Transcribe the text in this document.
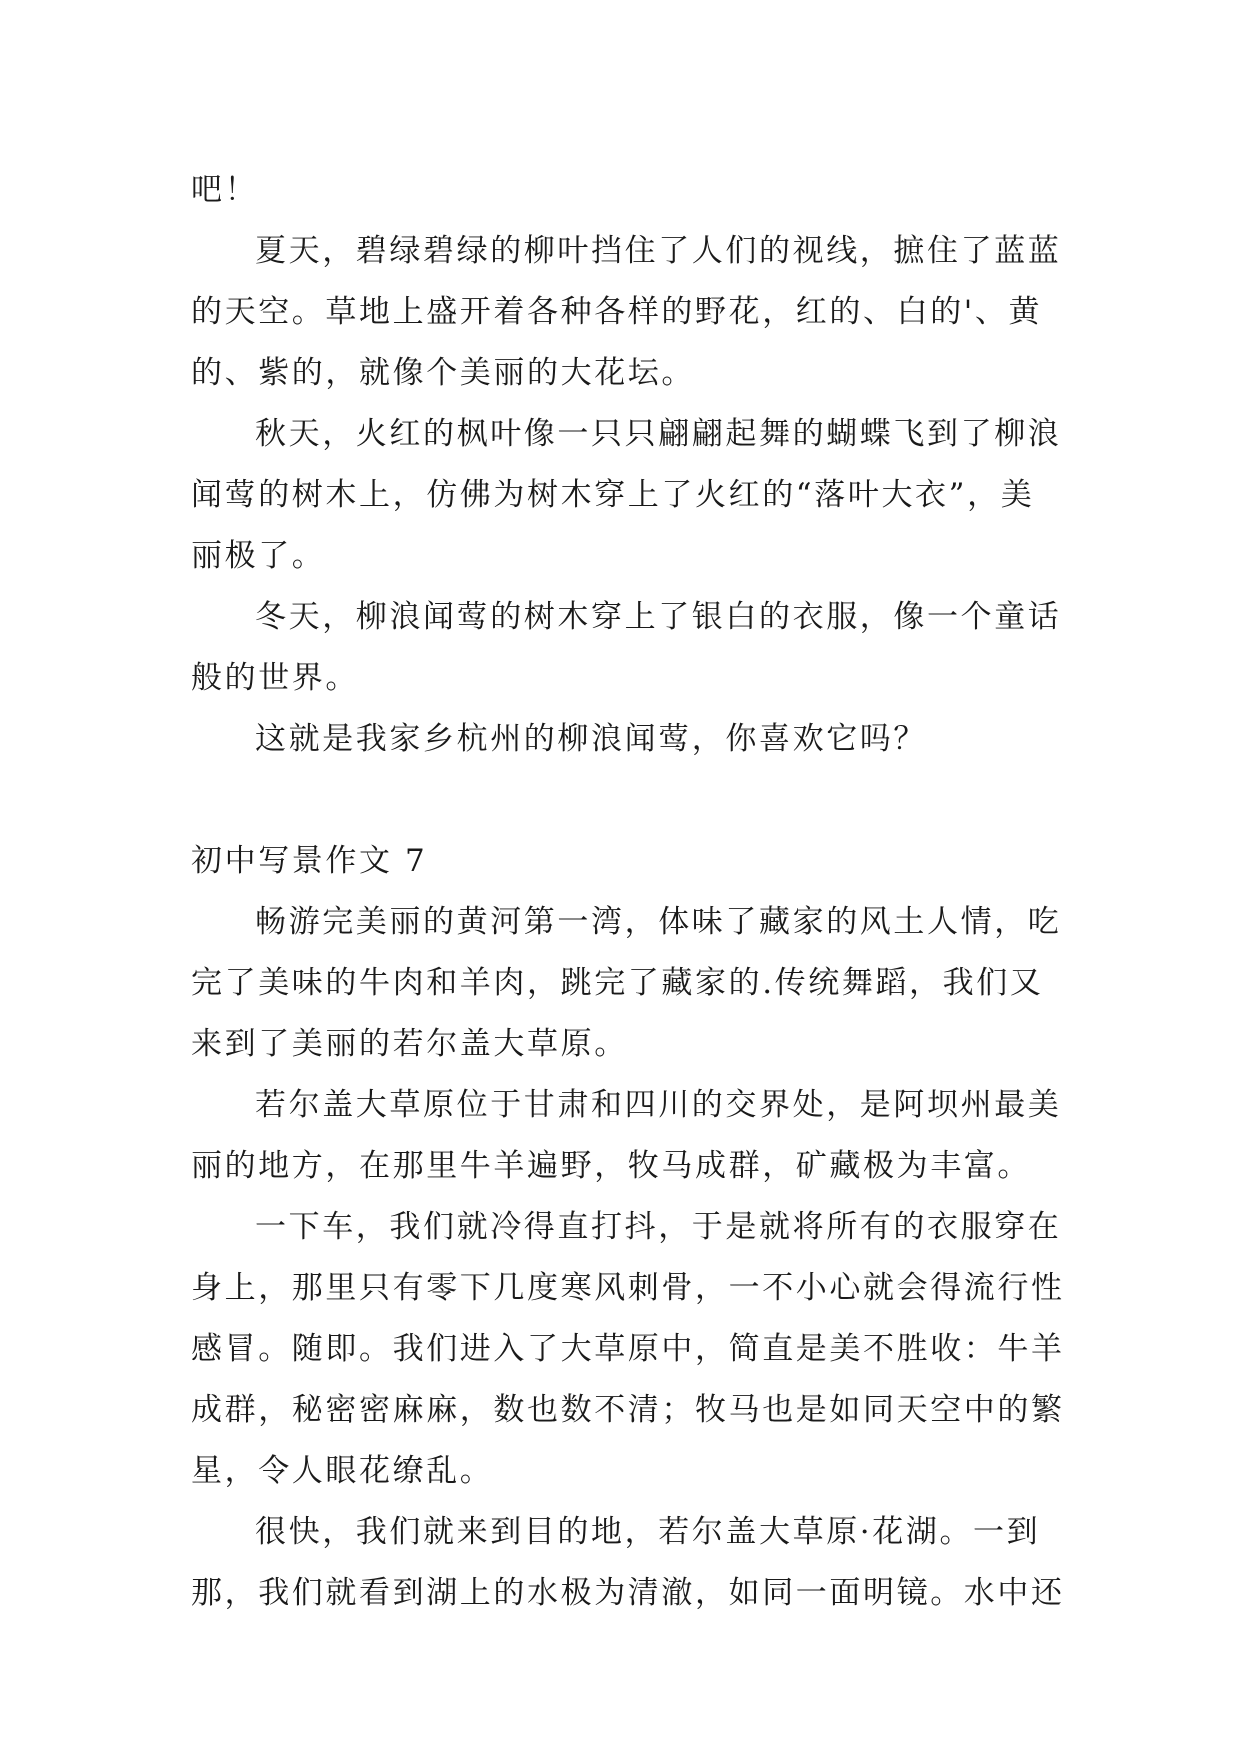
吧！
夏天，碧绿碧绿的柳叶挡住了人们的视线，摭住了蓝蓝
的天空。草地上盛开着各种各样的野花，红的、白的'、黄
的、紫的，就像个美丽的大花坛。
秋天，火红的枫叶像一只只翩翩起舞的蝴蝶飞到了柳浪
闻莺的树木上，仿佛为树木穿上了火红的“落叶大衣”，美
丽极了。
冬天，柳浪闻莺的树木穿上了银白的衣服，像一个童话
般的世界。
这就是我家乡杭州的柳浪闻莺，你喜欢它吗？
初中写景作文 7
畅游完美丽的黄河第一湾，体味了藏家的风土人情，吃
完了美味的牛肉和羊肉，跳完了藏家的.传统舞蹈，我们又
来到了美丽的若尔盖大草原。
若尔盖大草原位于甘肃和四川的交界处，是阿坝州最美
丽的地方，在那里牛羊遍野，牧马成群，矿藏极为丰富。
一下车，我们就冷得直打抖，于是就将所有的衣服穿在
身上，那里只有零下几度寒风刺骨，一不小心就会得流行性
感冒。随即。我们进入了大草原中，简直是美不胜收：牛羊
成群，秘密密麻麻，数也数不清；牧马也是如同天空中的繁
星，令人眼花缭乱。
很快，我们就来到目的地，若尔盖大草原·花湖。一到
那，我们就看到湖上的水极为清澈，如同一面明镜。水中还
